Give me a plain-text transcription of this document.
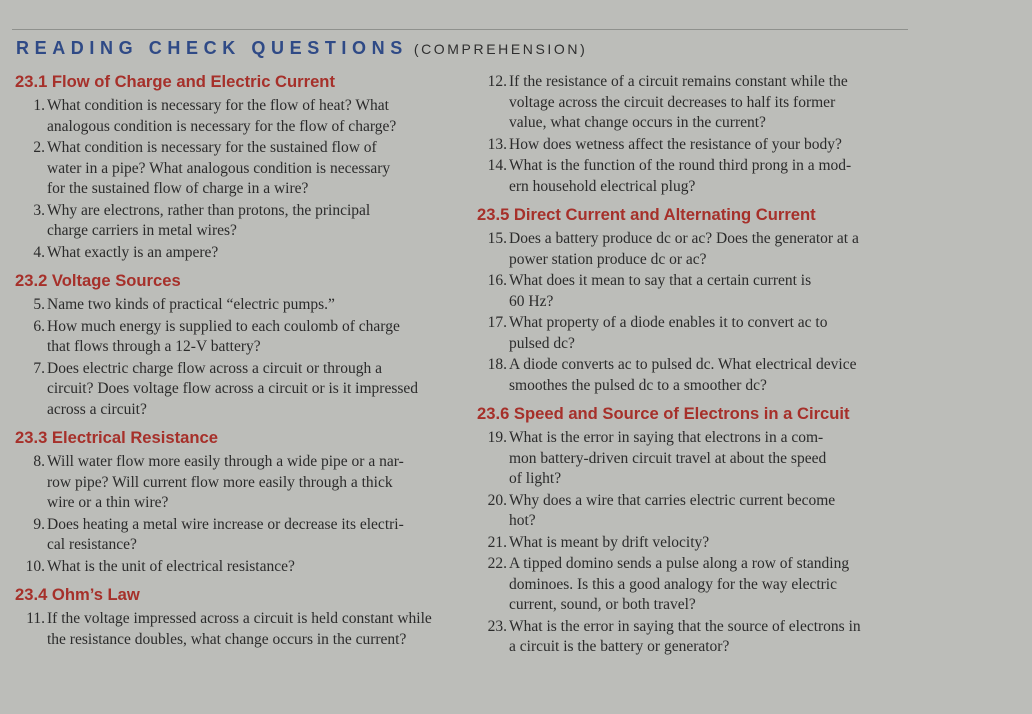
READING CHECK QUESTIONS (COMPREHENSION)
23.1 Flow of Charge and Electric Current
1. What condition is necessary for the flow of heat? What
analogous condition is necessary for the flow of charge?
2. What condition is necessary for the sustained flow of
water in a pipe? What analogous condition is necessary
for the sustained flow of charge in a wire?
3. Why are electrons, rather than protons, the principal
charge carriers in metal wires?
4. What exactly is an ampere?
23.2 Voltage Sources
5. Name two kinds of practical “electric pumps.”
6. How much energy is supplied to each coulomb of charge
that flows through a 12-V battery?
7. Does electric charge flow across a circuit or through a
circuit? Does voltage flow across a circuit or is it impressed
across a circuit?
23.3 Electrical Resistance
8. Will water flow more easily through a wide pipe or a nar-
row pipe? Will current flow more easily through a thick
wire or a thin wire?
9. Does heating a metal wire increase or decrease its electri-
cal resistance?
10. What is the unit of electrical resistance?
23.4 Ohm’s Law
11. If the voltage impressed across a circuit is held constant while
the resistance doubles, what change occurs in the current?
12. If the resistance of a circuit remains constant while the
voltage across the circuit decreases to half its former
value, what change occurs in the current?
13. How does wetness affect the resistance of your body?
14. What is the function of the round third prong in a mod-
ern household electrical plug?
23.5 Direct Current and Alternating Current
15. Does a battery produce dc or ac? Does the generator at a
power station produce dc or ac?
16. What does it mean to say that a certain current is
60 Hz?
17. What property of a diode enables it to convert ac to
pulsed dc?
18. A diode converts ac to pulsed dc. What electrical device
smoothes the pulsed dc to a smoother dc?
23.6 Speed and Source of Electrons in a Circuit
19. What is the error in saying that electrons in a com-
mon battery-driven circuit travel at about the speed
of light?
20. Why does a wire that carries electric current become
hot?
21. What is meant by drift velocity?
22. A tipped domino sends a pulse along a row of standing
dominoes. Is this a good analogy for the way electric
current, sound, or both travel?
23. What is the error in saying that the source of electrons in
a circuit is the battery or generator?
